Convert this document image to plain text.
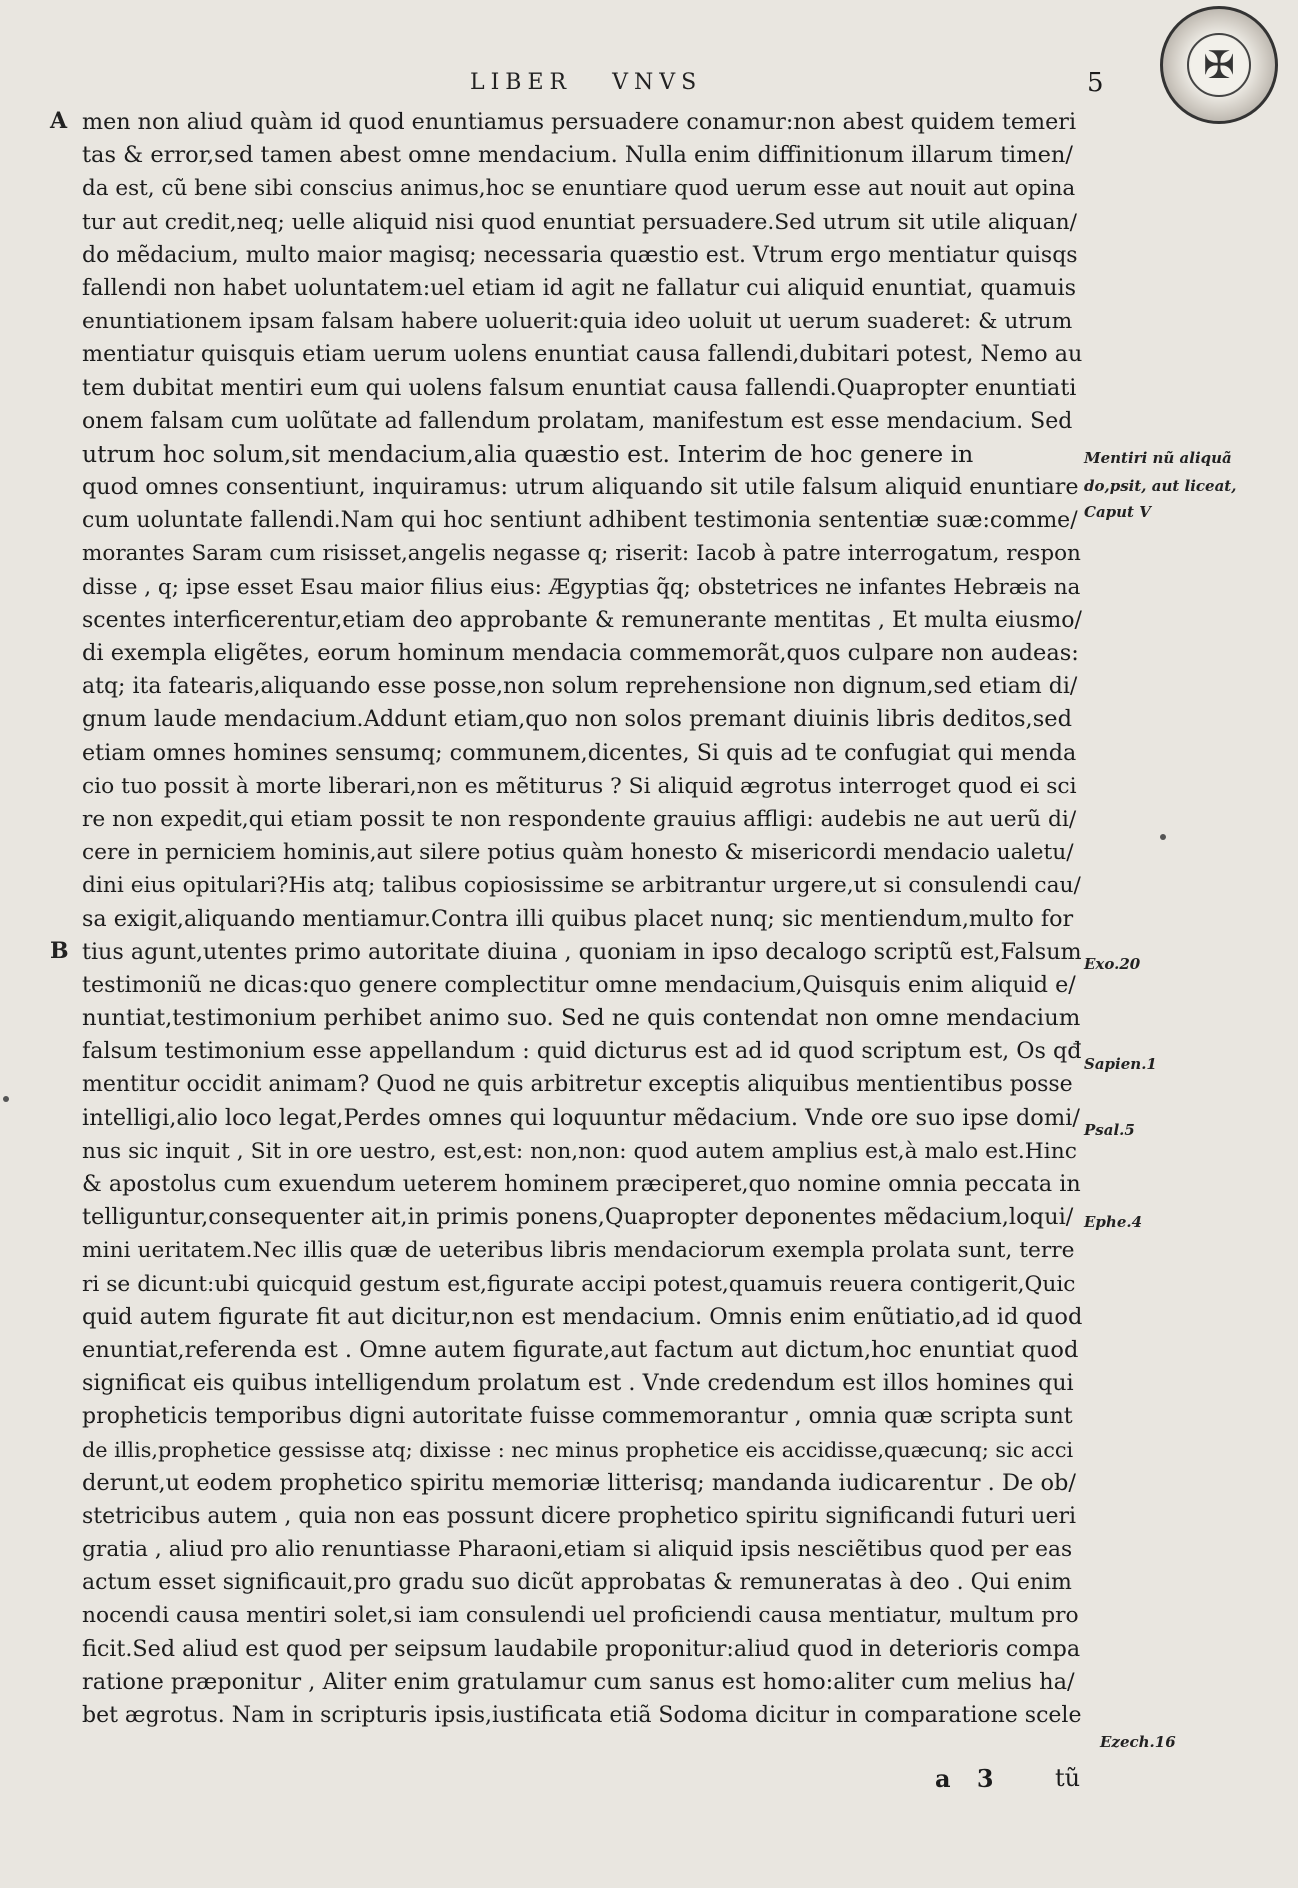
✠
LIBER VNVS	5
A
B
men non aliud quàm id quod enuntiamus persuadere conamur:non abest quidem temeri
tas & error,sed tamen abest omne mendacium. Nulla enim diffinitionum illarum timen/
da est, cũ bene sibi conscius animus,hoc se enuntiare quod uerum esse aut nouit aut opina
tur aut credit,neq; uelle aliquid nisi quod enuntiat persuadere.Sed utrum sit utile aliquan/
do mẽdacium, multo maior magisq; necessaria quæstio est. Vtrum ergo mentiatur quisqs
fallendi non habet uoluntatem:uel etiam id agit ne fallatur cui aliquid enuntiat, quamuis
enuntiationem ipsam falsam habere uoluerit:quia ideo uoluit ut uerum suaderet: & utrum
mentiatur quisquis etiam uerum uolens enuntiat causa fallendi,dubitari potest, Nemo au
tem dubitat mentiri eum qui uolens falsum enuntiat causa fallendi.Quapropter enuntiati
onem falsam cum uolũtate ad fallendum prolatam, manifestum est esse mendacium. Sed
utrum hoc solum,sit mendacium,alia quæstio est. Interim de hoc genere in
quod omnes consentiunt, inquiramus: utrum aliquando sit utile falsum aliquid enuntiare
cum uoluntate fallendi.Nam qui hoc sentiunt adhibent testimonia sententiæ suæ:comme/
morantes Saram cum risisset,angelis negasse q; riserit: Iacob à patre interrogatum, respon
disse , q; ipse esset Esau maior filius eius: Ægyptias q̃q; obstetrices ne infantes Hebræis na
scentes interficerentur,etiam deo approbante & remunerante mentitas , Et multa eiusmo/
di exempla eligẽtes, eorum hominum mendacia commemorãt,quos culpare non audeas:
atq; ita fatearis,aliquando esse posse,non solum reprehensione non dignum,sed etiam di/
gnum laude mendacium.Addunt etiam,quo non solos premant diuinis libris deditos,sed
etiam omnes homines sensumq; communem,dicentes, Si quis ad te confugiat qui menda
cio tuo possit à morte liberari,non es mẽtiturus ? Si aliquid ægrotus interroget quod ei sci
re non expedit,qui etiam possit te non respondente grauius affligi: audebis ne aut uerũ di/
cere in perniciem hominis,aut silere potius quàm honesto & misericordi mendacio ualetu/
dini eius opitulari?His atq; talibus copiosissime se arbitrantur urgere,ut si consulendi cau/
sa exigit,aliquando mentiamur.Contra illi quibus placet nunq; sic mentiendum,multo for
tius agunt,utentes primo autoritate diuina , quoniam in ipso decalogo scriptũ est,Falsum
testimoniũ ne dicas:quo genere complectitur omne mendacium,Quisquis enim aliquid e/
nuntiat,testimonium perhibet animo suo. Sed ne quis contendat non omne mendacium
falsum testimonium esse appellandum : quid dicturus est ad id quod scriptum est, Os qđ
mentitur occidit animam? Quod ne quis arbitretur exceptis aliquibus mentientibus posse
intelligi,alio loco legat,Perdes omnes qui loquuntur mẽdacium. Vnde ore suo ipse domi/
nus sic inquit , Sit in ore uestro, est,est: non,non: quod autem amplius est,à malo est.Hinc
& apostolus cum exuendum ueterem hominem præciperet,quo nomine omnia peccata in
telliguntur,consequenter ait,in primis ponens,Quapropter deponentes mẽdacium,loqui/
mini ueritatem.Nec illis quæ de ueteribus libris mendaciorum exempla prolata sunt, terre
ri se dicunt:ubi quicquid gestum est,figurate accipi potest,quamuis reuera contigerit,Quic
quid autem figurate fit aut dicitur,non est mendacium. Omnis enim enũtiatio,ad id quod
enuntiat,referenda est . Omne autem figurate,aut factum aut dictum,hoc enuntiat quod
significat eis quibus intelligendum prolatum est . Vnde credendum est illos homines qui
propheticis temporibus digni autoritate fuisse commemorantur , omnia quæ scripta sunt
de illis,prophetice gessisse atq; dixisse : nec minus prophetice eis accidisse,quæcunq; sic acci
derunt,ut eodem prophetico spiritu memoriæ litterisq; mandanda iudicarentur . De ob/
stetricibus autem , quia non eas possunt dicere prophetico spiritu significandi futuri ueri
gratia , aliud pro alio renuntiasse Pharaoni,etiam si aliquid ipsis nesciẽtibus quod per eas
actum esset significauit,pro gradu suo dicũt approbatas & remuneratas à deo . Qui enim
nocendi causa mentiri solet,si iam consulendi uel proficiendi causa mentiatur, multum pro
ficit.Sed aliud est quod per seipsum laudabile proponitur:aliud quod in deterioris compa
ratione præponitur , Aliter enim gratulamur cum sanus est homo:aliter cum melius ha/
bet ægrotus. Nam in scripturis ipsis,iustificata etiã Sodoma dicitur in comparatione scele
Mentiri nũ aliquã
do,psit, aut liceat,
Caput V
Exo.20
Sapien.1
Psal.5
Ephe.4
Ezech.16
a 3	tũ
